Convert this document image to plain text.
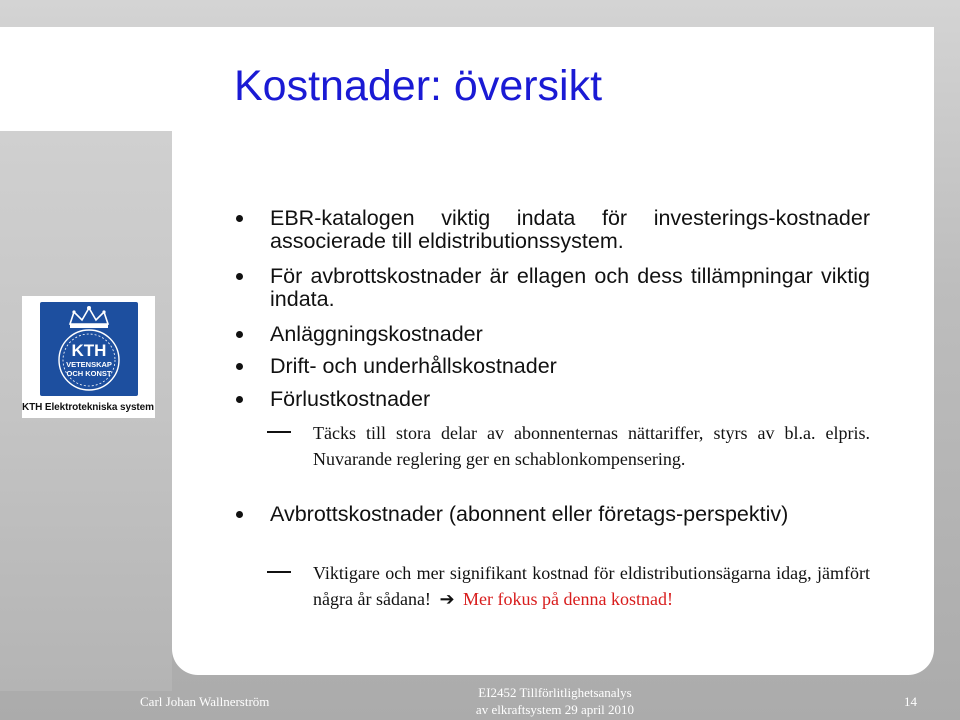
Kostnader: översikt
KTH
VETENSKAP
OCH KONST
KTH Elektrotekniska system

EBR-katalogen viktig indata för investerings-kostnader associerade till eldistributionssystem.

För avbrottskostnader är ellagen och dess tillämpningar viktig indata.

Anläggningskostnader

Drift- och underhållskostnader

Förlustkostnader

Täcks till stora delar av abonnenternas nättariffer, styrs av bl.a. elpris. Nuvarande reglering ger en schablonkompensering.

Avbrottskostnader (abonnent eller företags-perspektiv)

Viktigare och mer signifikant kostnad för eldistributionsägarna idag, jämfört några år sådana! ➔ Mer fokus på denna kostnad!

Carl Johan Wallnerström

EI2452 Tillförlitlighetsanalys
av elkraftsystem 29 april 2010

14
